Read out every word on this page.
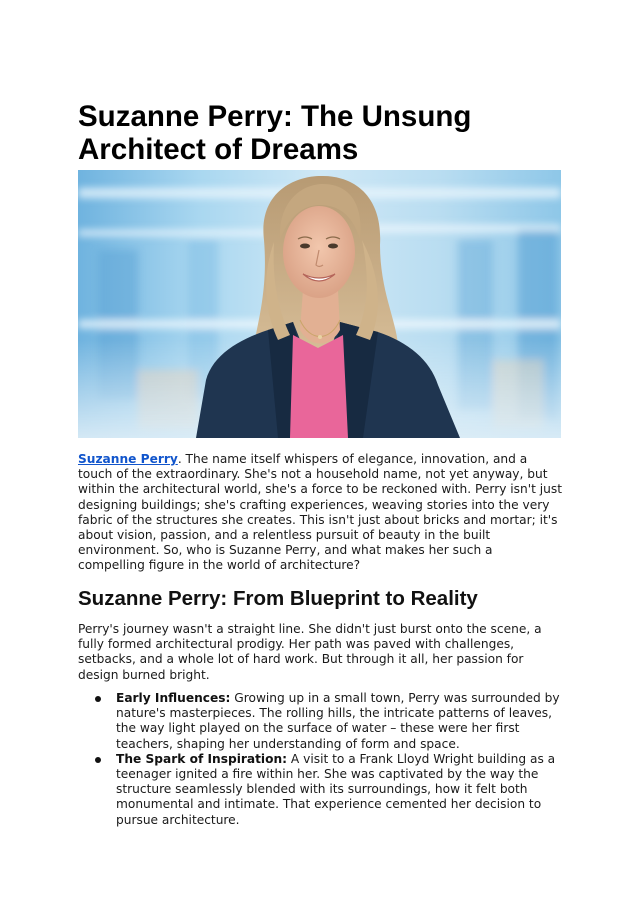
Suzanne Perry: The Unsung Architect of Dreams

Suzanne Perry. The name itself whispers of elegance, innovation, and a touch of the extraordinary. She's not a household name, not yet anyway, but within the architectural world, she's a force to be reckoned with. Perry isn't just designing buildings; she's crafting experiences, weaving stories into the very fabric of the structures she creates. This isn't just about bricks and mortar; it's about vision, passion, and a relentless pursuit of beauty in the built environment. So, who is Suzanne Perry, and what makes her such a compelling figure in the world of architecture?

Suzanne Perry: From Blueprint to Reality

Perry's journey wasn't a straight line. She didn't just burst onto the scene, a fully formed architectural prodigy. Her path was paved with challenges, setbacks, and a whole lot of hard work. But through it all, her passion for design burned bright.

Early Influences: Growing up in a small town, Perry was surrounded by nature's masterpieces. The rolling hills, the intricate patterns of leaves, the way light played on the surface of water – these were her first teachers, shaping her understanding of form and space.
The Spark of Inspiration: A visit to a Frank Lloyd Wright building as a teenager ignited a fire within her. She was captivated by the way the structure seamlessly blended with its surroundings, how it felt both monumental and intimate. That experience cemented her decision to pursue architecture.
